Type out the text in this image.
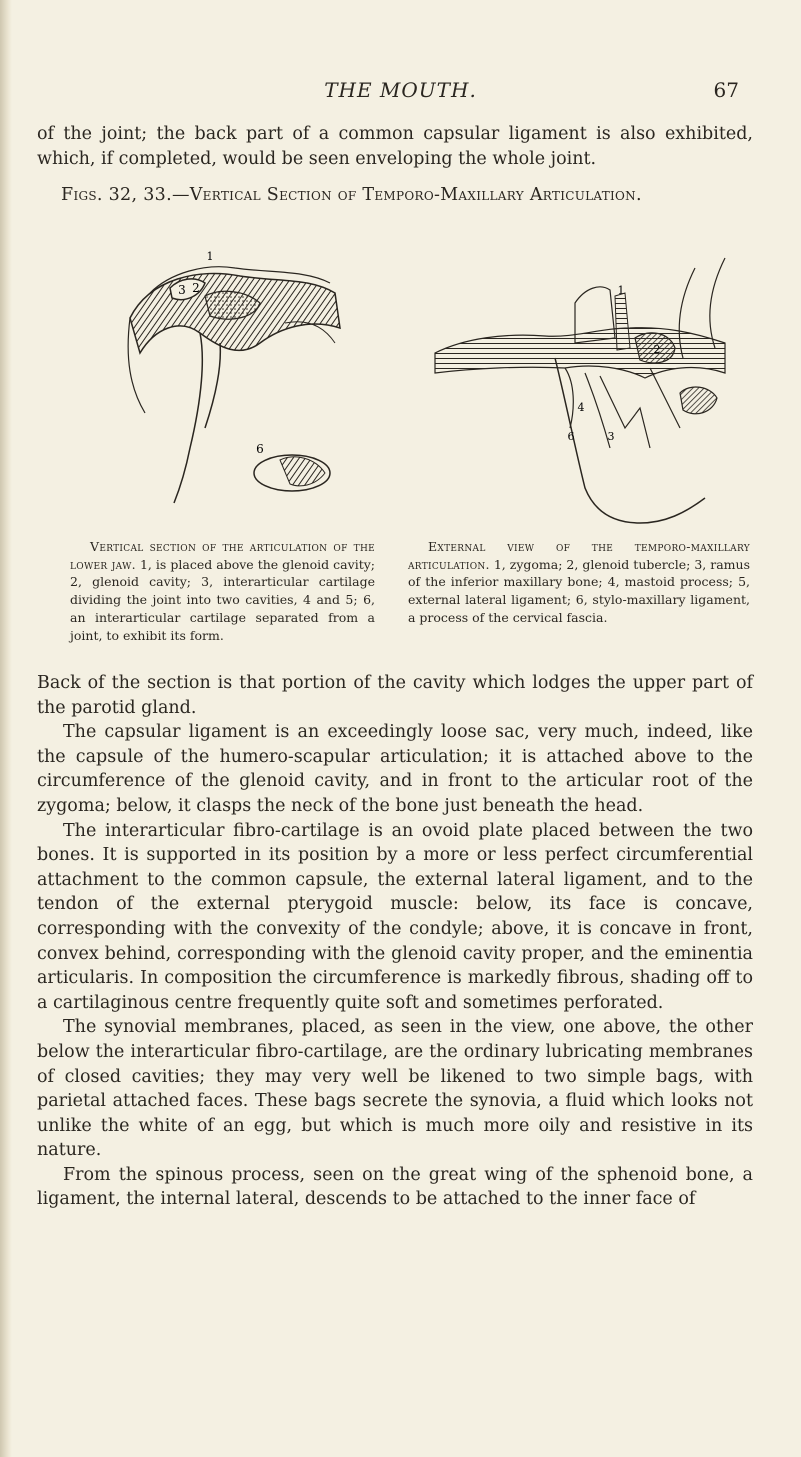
THE MOUTH.	67

of the joint; the back part of a common capsular ligament is also exhibited, which, if completed, would be seen enveloping the whole joint.

Figs. 32, 33.—Vertical Section of Temporo-Maxillary Articulation.
1
3 2
6
1
2
4
6	3

Vertical section of the articulation of the lower jaw. 1, is placed above the glenoid cavity; 2, glenoid cavity; 3, interarticular cartilage dividing the joint into two cavities, 4 and 5; 6, an interarticular cartilage separated from a joint, to exhibit its form.

External view of the temporo-maxillary articulation. 1, zygoma; 2, glenoid tubercle; 3, ramus of the inferior maxillary bone; 4, mastoid process; 5, external lateral ligament; 6, stylo-maxillary ligament, a process of the cervical fascia.

Back of the section is that portion of the cavity which lodges the upper part of the parotid gland.

The capsular ligament is an exceedingly loose sac, very much, indeed, like the capsule of the humero-scapular articulation; it is attached above to the circumference of the glenoid cavity, and in front to the articular root of the zygoma; below, it clasps the neck of the bone just beneath the head.

The interarticular fibro-cartilage is an ovoid plate placed between the two bones. It is supported in its position by a more or less perfect circumferential attachment to the common capsule, the external lateral ligament, and to the tendon of the external pterygoid muscle: below, its face is concave, corresponding with the convexity of the condyle; above, it is concave in front, convex behind, corresponding with the glenoid cavity proper, and the eminentia articularis. In composition the circumference is markedly fibrous, shading off to a cartilaginous centre frequently quite soft and sometimes perforated.

The synovial membranes, placed, as seen in the view, one above, the other below the interarticular fibro-cartilage, are the ordinary lubricating membranes of closed cavities; they may very well be likened to two simple bags, with parietal attached faces. These bags secrete the synovia, a fluid which looks not unlike the white of an egg, but which is much more oily and resistive in its nature.

From the spinous process, seen on the great wing of the sphenoid bone, a ligament, the internal lateral, descends to be attached to the inner face of
